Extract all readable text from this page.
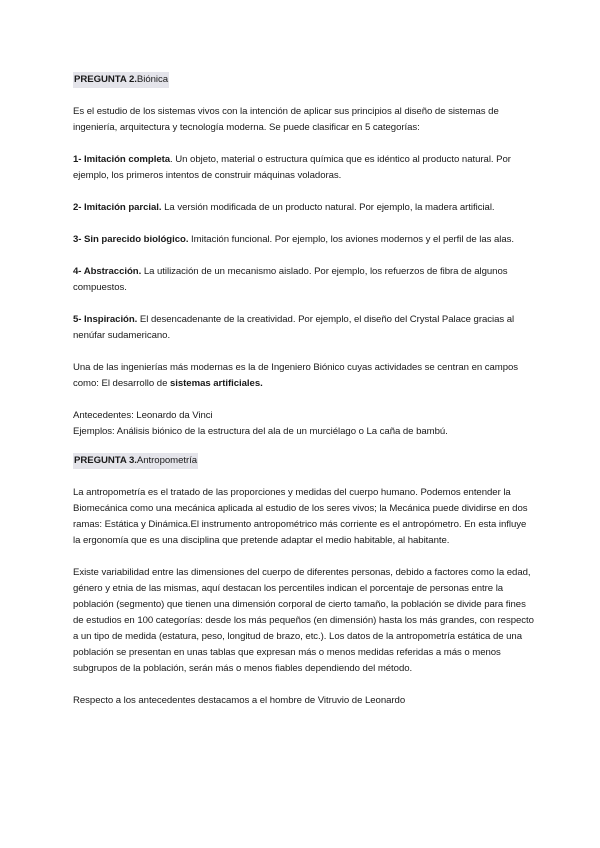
PREGUNTA 2.Biónica

Es el estudio de los sistemas vivos con la intención de aplicar sus principios al diseño de sistemas de ingeniería, arquitectura y tecnología moderna. Se puede clasificar en 5 categorías:

1- Imitación completa. Un objeto, material o estructura química que es idéntico al producto natural. Por ejemplo, los primeros intentos de construir máquinas voladoras.

2- Imitación parcial. La versión modificada de un producto natural. Por ejemplo, la madera artificial.

3- Sin parecido biológico. Imitación funcional. Por ejemplo, los aviones modernos y el perfil de las alas.

4- Abstracción. La utilización de un mecanismo aislado. Por ejemplo, los refuerzos de fibra de algunos compuestos.

5- Inspiración. El desencadenante de la creatividad. Por ejemplo, el diseño del Crystal Palace gracias al nenúfar sudamericano.

Una de las ingenierías más modernas es la de Ingeniero Biónico cuyas actividades se centran en campos como: El desarrollo de sistemas artificiales.

Antecedentes: Leonardo da Vinci

Ejemplos: Análisis biónico de la estructura del ala de un murciélago o La caña de bambú.

PREGUNTA 3.Antropometría

La antropometría es el tratado de las proporciones y medidas del cuerpo humano. Podemos entender la Biomecánica como una mecánica aplicada al estudio de los seres vivos; la Mecánica puede dividirse en dos ramas: Estática y Dinámica.El instrumento antropométrico más corriente es el antropómetro. En esta influye la ergonomía que es una disciplina que pretende adaptar el medio habitable, al habitante.

Existe variabilidad entre las dimensiones del cuerpo de diferentes personas, debido a factores como la edad, género y etnia de las mismas, aquí destacan los percentiles indican el porcentaje de personas entre la población (segmento) que tienen una dimensión corporal de cierto tamaño, la población se divide para fines de estudios en 100 categorías: desde los más pequeños (en dimensión) hasta los más grandes, con respecto a un tipo de medida (estatura, peso, longitud de brazo, etc.). Los datos de la antropometría estática de una población se presentan en unas tablas que expresan más o menos medidas referidas a más o menos subgrupos de la población, serán más o menos fiables dependiendo del método.

Respecto a los antecedentes destacamos a el hombre de Vitruvio de Leonardo
